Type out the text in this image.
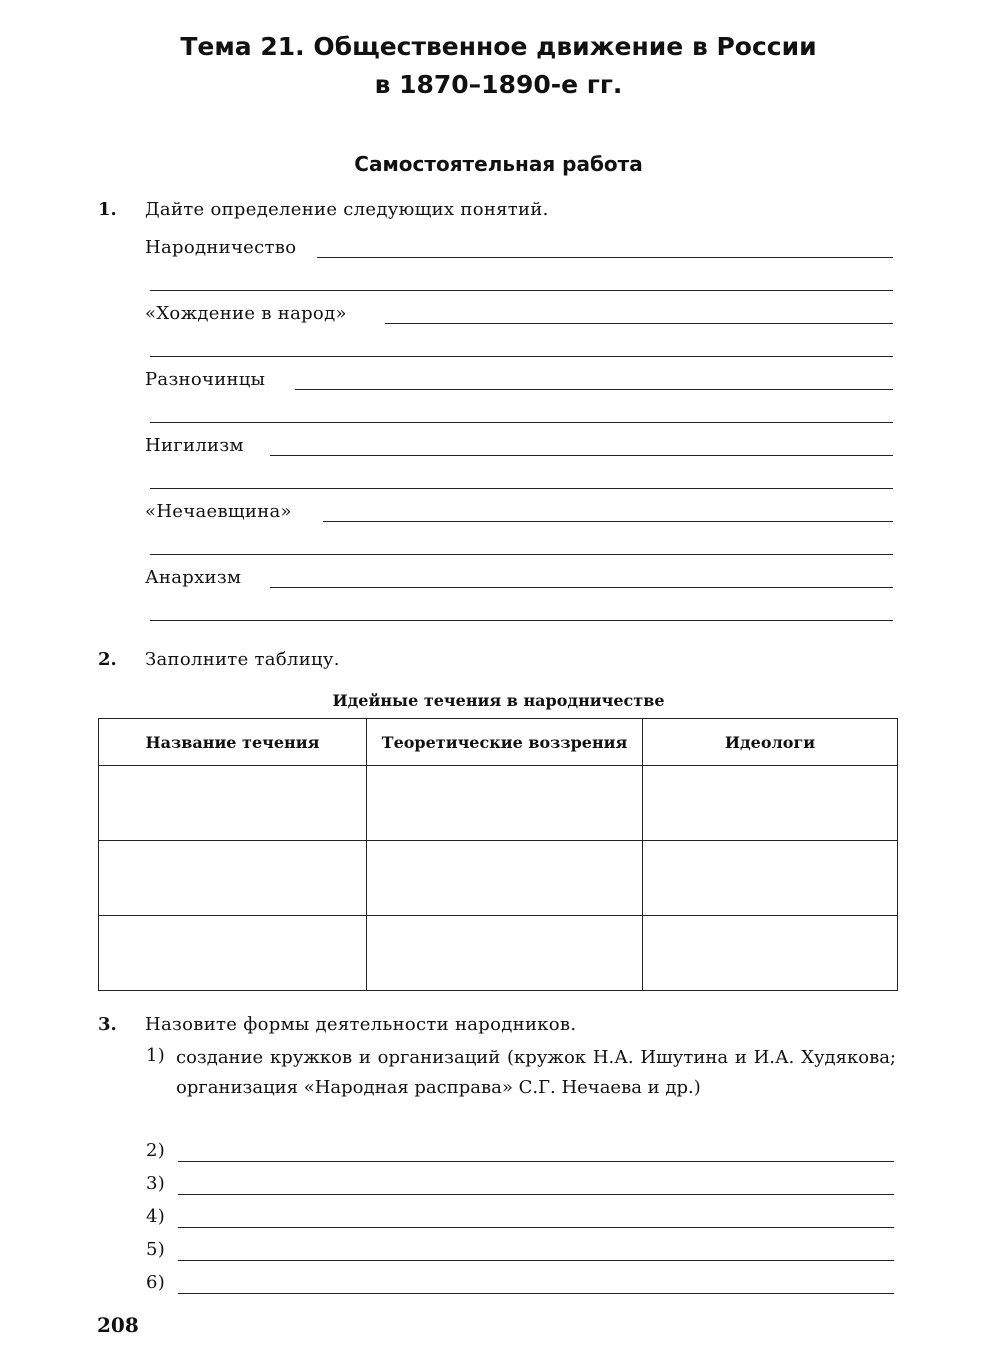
Тема 21. Общественное движение в России
в 1870–1890-е гг.
Самостоятельная работа
1. Дайте определение следующих понятий.
Народничество
«Хождение в народ»
Разночинцы
Нигилизм
«Нечаевщина»
Анархизм
2. Заполните таблицу.
Идейные течения в народничестве
Название течения	Теоретические воззрения	Идеологи

3. Назовите формы деятельности народников.
1) создание кружков и организаций (кружок Н.А. Ишутина и И.А. Худякова; организация «Народная расправа» С.Г. Нечаева и др.)
2)
3)
4)
5)
6)
208
